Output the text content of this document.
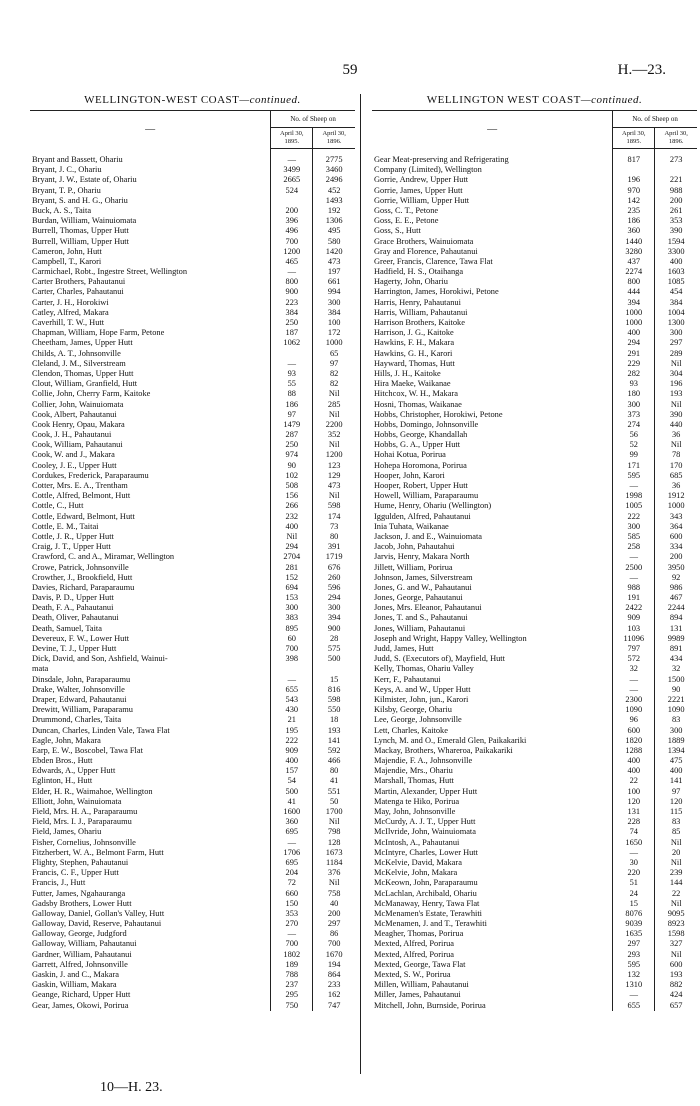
59	H.—23.
WELLINGTON-WEST COAST—continued.
—	No. of Sheep on	
	April 30,
1895.	April 30,
1896.
Bryant and Bassett, Ohariu	—	2775
Bryant, J. C., Ohariu	3499	3460
Bryant, J. W., Estate of, Ohariu	2665	2496
Bryant, T. P., Ohariu	524	452
Bryant, S. and H. G., Ohariu		1493
Buck, A. S., Taita	200	192
Burdan, William, Wainuiomata	396	1306
Burrell, Thomas, Upper Hutt	496	495
Burrell, William, Upper Hutt	700	580
Cameron, John, Hutt	1200	1420
Campbell, T., Karori	465	473
Carmichael, Robt., Ingestre Street, Wellington	—	197
Carter Brothers, Pahautanui	800	661
Carter, Charles, Pahautanui	900	994
Carter, J. H., Horokiwi	223	300
Catley, Alfred, Makara	384	384
Caverhill, T. W., Hutt	250	100
Chapman, William, Hope Farm, Petone	187	172
Cheetham, James, Upper Hutt	1062	1000
Childs, A. T., Johnsonville		65
Cleland, J. M., Silverstream	—	97
Clendon, Thomas, Upper Hutt	93	82
Clout, William, Granfield, Hutt	55	82
Collie, John, Cherry Farm, Kaitoke	88	Nil
Collier, John, Wainuiomata	186	285
Cook, Albert, Pahautanui	97	Nil
Cook Henry, Opau, Makara	1479	2200
Cook, J. H., Pahautanui	287	352
Cook, William, Pahautanui	250	Nil
Cook, W. and J., Makara	974	1200
Cooley, J. E., Upper Hutt	90	123
Cordukes, Frederick, Paraparaumu	102	129
Cotter, Mrs. E. A., Trentham	508	473
Cottle, Alfred, Belmont, Hutt	156	Nil
Cottle, C., Hutt	266	598
Cottle, Edward, Belmont, Hutt	232	174
Cottle, E. M., Taitai	400	73
Cottle, J. R., Upper Hutt	Nil	80
Craig, J. T., Upper Hutt	294	391
Crawford, C. and A., Miramar, Wellington	2704	1719
Crowe, Patrick, Johnsonville	281	676
Crowther, J., Brookfield, Hutt	152	260
Davies, Richard, Paraparaumu	694	596
Davis, P. D., Upper Hutt	153	294
Death, F. A., Pahautanui	300	300
Death, Oliver, Pahautanui	383	394
Death, Samuel, Taita	895	900
Devereux, F. W., Lower Hutt	60	28
Devine, T. J., Upper Hutt	700	575
Dick, David, and Son, Ashfield, Wainui-	398	500
mata		
Dinsdale, John, Paraparaumu	—	15
Drake, Walter, Johnsonville	655	816
Draper, Edward, Pahautanui	543	598
Drewitt, William, Paraparamu	430	550
Drummond, Charles, Taita	21	18
Duncan, Charles, Linden Vale, Tawa Flat	195	193
Eagle, John, Makara	222	141
Earp, E. W., Boscobel, Tawa Flat	909	592
Ebden Bros., Hutt	400	466
Edwards, A., Upper Hutt	157	80
Eglinton, H., Hutt	54	41
Elder, H. R., Waimahoe, Wellington	500	551
Elliott, John, Wainuiomata	41	50
Field, Mrs. H. A., Paraparaumu	1600	1700
Field, Mrs. I. J., Paraparaumu	360	Nil
Field, James, Ohariu	695	798
Fisher, Cornelius, Johnsonville	—	128
Fitzherbert, W. A., Belmont Farm, Hutt	1706	1673
Flighty, Stephen, Pahautanui	695	1184
Francis, C. F., Upper Hutt	204	376
Francis, J., Hutt	72	Nil
Futter, James, Ngahauranga	660	758
Gadsby Brothers, Lower Hutt	150	40
Galloway, Daniel, Gollan's Valley, Hutt	353	200
Galloway, David, Reserve, Pahautanui	270	297
Galloway, George, Judgford	—	86
Galloway, William, Pahautanui	700	700
Gardner, William, Pahautanui	1802	1670
Garrett, Alfred, Johnsonville	189	194
Gaskin, J. and C., Makara	788	864
Gaskin, William, Makara	237	233
Geange, Richard, Upper Hutt	295	162
Gear, James, Okowi, Porirua	750	747
WELLINGTON WEST COAST—continued.
—	No. of Sheep on	
	April 30,
1895.	April 30,
1896.
Gear Meat-preserving and Refrigerating	817	273
Company (Limited), Wellington		
Gorrie, Andrew, Upper Hutt	196	221
Gorrie, James, Upper Hutt	970	988
Gorrie, William, Upper Hutt	142	200
Goss, C. T., Petone	235	261
Goss, E. E., Petone	186	353
Goss, S., Hutt	360	390
Grace Brothers, Wainuiomata	1440	1594
Gray and Florence, Pahautanui	3280	3300
Greer, Francis, Clarence, Tawa Flat	437	400
Hadfield, H. S., Otaihanga	2274	1603
Hagerty, John, Ohariu	800	1085
Harrington, James, Horokiwi, Petone	444	454
Harris, Henry, Pahautanui	394	384
Harris, William, Pahautanui	1000	1004
Harrison Brothers, Kaitoke	1000	1300
Harrison, J. G., Kaitoke	400	300
Hawkins, F. H., Makara	294	297
Hawkins, G. H., Karori	291	289
Hayward, Thomas, Hutt	229	Nil
Hills, J. H., Kaitoke	282	304
Hira Maeke, Waikanae	93	196
Hitchcox, W. H., Makara	180	193
Hosni, Thomas, Waikanae	300	Nil
Hobbs, Christopher, Horokiwi, Petone	373	390
Hobbs, Domingo, Johnsonville	274	440
Hobbs, George, Khandallah	56	36
Hobbs, G. A., Upper Hutt	52	Nil
Hohai Kotua, Porirua	99	78
Hohepa Horomona, Porirua	171	170
Hooper, John, Karori	595	685
Hooper, Robert, Upper Hutt	—	36
Howell, William, Paraparaumu	1998	1912
Hume, Henry, Ohariu (Wellington)	1005	1000
Iggulden, Alfred, Pahautanui	222	343
Inia Tuhata, Waikanae	300	364
Jackson, J. and E., Wainuiomata	585	600
Jacob, John, Pahautahui	258	334
Jarvis, Henry, Makara North	—	200
Jillett, William, Porirua	2500	3950
Johnson, James, Silverstream	—	92
Jones, G. and W., Pahautanui	988	986
Jones, George, Pahautanui	191	467
Jones, Mrs. Eleanor, Pahautanui	2422	2244
Jones, T. and S., Pahautanui	909	894
Jones, William, Pahautanui	103	131
Joseph and Wright, Happy Valley, Wellington	11096	9989
Judd, James, Hutt	797	891
Judd, S. (Executors of), Mayfield, Hutt	572	434
Kelly, Thomas, Ohariu Valley	32	32
Kerr, F., Pahautanui	—	1500
Keys, A. and W., Upper Hutt	—	90
Kilmister, John, jun., Karori	2300	2221
Kilsby, George, Ohariu	1090	1090
Lee, George, Johnsonville	96	83
Lett, Charles, Kaitoke	600	300
Lynch, M. and O., Emerald Glen, Paikakariki	1820	1889
Mackay, Brothers, Whareroa, Paikakariki	1288	1394
Majendie, F. A., Johnsonville	400	475
Majendie, Mrs., Ohariu	400	400
Marshall, Thomas, Hutt	22	141
Martin, Alexander, Upper Hutt	100	97
Matenga te Hiko, Porirua	120	120
May, John, Johnsonville	131	115
McCurdy, A. J. T., Upper Hutt	228	83
McIlvride, John, Wainuiomata	74	85
McIntosh, A., Pahautanui	1650	Nil
McIntyre, Charles, Lower Hutt	—	20
McKelvie, David, Makara	30	Nil
McKelvie, John, Makara	220	239
McKeown, John, Paraparaumu	51	144
McLachlan, Archibald, Ohariu	24	22
McManaway, Henry, Tawa Flat	15	Nil
McMenamen's Estate, Terawhiti	8076	9095
McMenamen, J. and T., Terawhiti	9039	8923
Meagher, Thomas, Porirua	1635	1598
Mexted, Alfred, Porirua	297	327
Mexted, Alfred, Porirua	293	Nil
Mexted, George, Tawa Flat	595	600
Mexted, S. W., Porirua	132	193
Millen, William, Pahautanui	1310	882
Miller, James, Pahautanui	—	424
Mitchell, John, Burnside, Porirua	655	657
10—H. 23.
